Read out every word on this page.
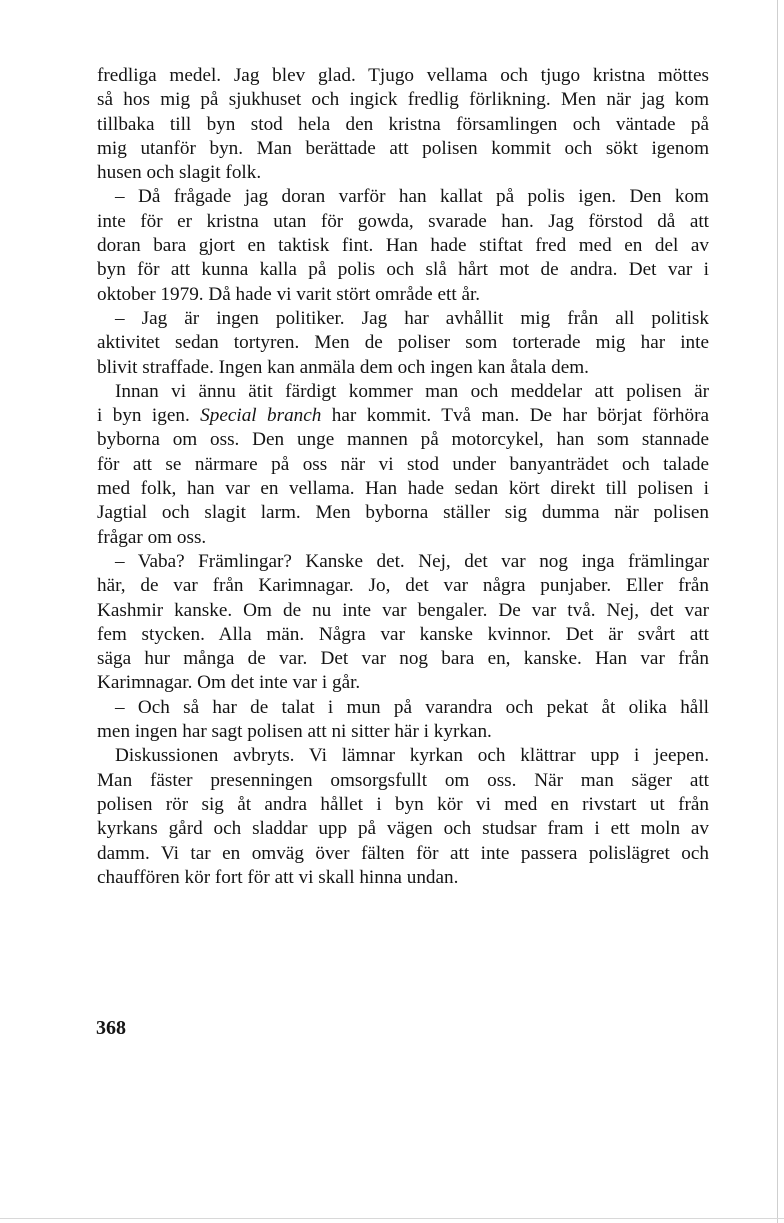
fredliga medel. Jag blev glad. Tjugo vellama och tjugo kristna möttes
så hos mig på sjukhuset och ingick fredlig förlikning. Men när jag kom
tillbaka till byn stod hela den kristna församlingen och väntade på
mig utanför byn. Man berättade att polisen kommit och sökt igenom
husen och slagit folk.
– Då frågade jag doran varför han kallat på polis igen. Den kom
inte för er kristna utan för gowda, svarade han. Jag förstod då att
doran bara gjort en taktisk fint. Han hade stiftat fred med en del av
byn för att kunna kalla på polis och slå hårt mot de andra. Det var i
oktober 1979. Då hade vi varit stört område ett år.
– Jag är ingen politiker. Jag har avhållit mig från all politisk
aktivitet sedan tortyren. Men de poliser som torterade mig har inte
blivit straffade. Ingen kan anmäla dem och ingen kan åtala dem.
Innan vi ännu ätit färdigt kommer man och meddelar att polisen är
i byn igen. Special branch har kommit. Två man. De har börjat förhöra
byborna om oss. Den unge mannen på motorcykel, han som stannade
för att se närmare på oss när vi stod under banyanträdet och talade
med folk, han var en vellama. Han hade sedan kört direkt till polisen i
Jagtial och slagit larm. Men byborna ställer sig dumma när polisen
frågar om oss.
– Vaba? Främlingar? Kanske det. Nej, det var nog inga främlingar
här, de var från Karimnagar. Jo, det var några punjaber. Eller från
Kashmir kanske. Om de nu inte var bengaler. De var två. Nej, det var
fem stycken. Alla män. Några var kanske kvinnor. Det är svårt att
säga hur många de var. Det var nog bara en, kanske. Han var från
Karimnagar. Om det inte var i går.
– Och så har de talat i mun på varandra och pekat åt olika håll
men ingen har sagt polisen att ni sitter här i kyrkan.
Diskussionen avbryts. Vi lämnar kyrkan och klättrar upp i jeepen.
Man fäster presenningen omsorgsfullt om oss. När man säger att
polisen rör sig åt andra hållet i byn kör vi med en rivstart ut från
kyrkans gård och sladdar upp på vägen och studsar fram i ett moln av
damm. Vi tar en omväg över fälten för att inte passera polislägret och
chauffören kör fort för att vi skall hinna undan.
368
